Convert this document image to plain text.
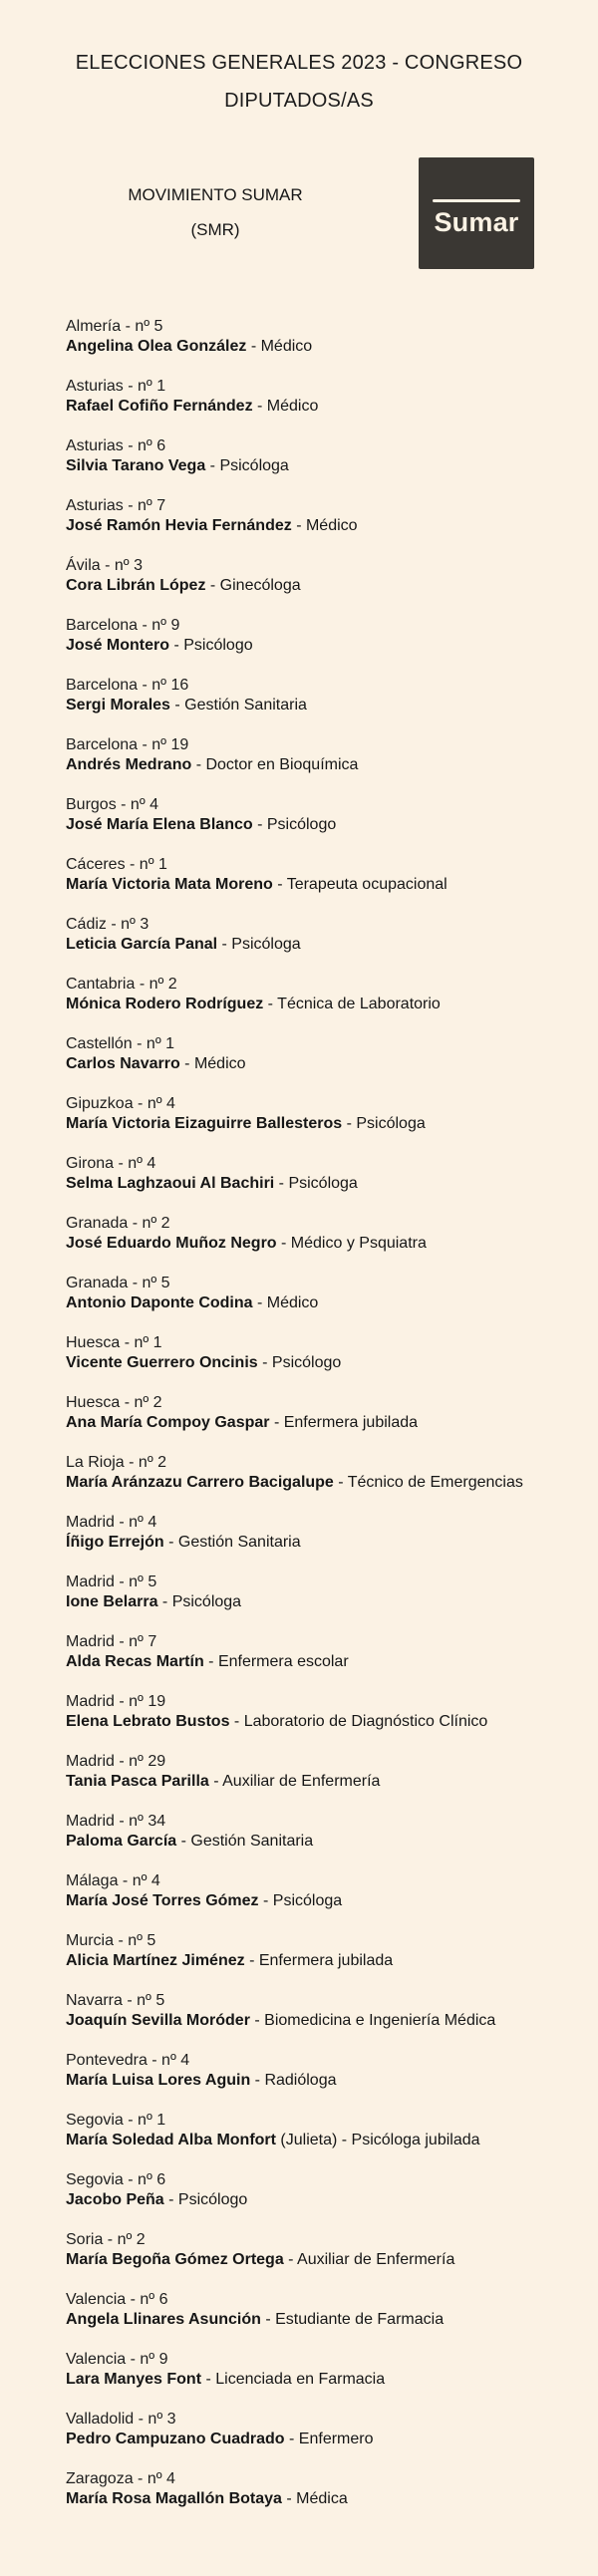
ELECCIONES GENERALES 2023 - CONGRESO
DIPUTADOS/AS
MOVIMIENTO SUMAR
(SMR)	Sumar
Almería - nº 5
Angelina Olea González - Médico
Asturias - nº 1
Rafael Cofiño Fernández - Médico
Asturias - nº 6
Silvia Tarano Vega - Psicóloga
Asturias - nº 7
José Ramón Hevia Fernández - Médico
Ávila - nº 3
Cora Librán López - Ginecóloga
Barcelona - nº 9
José Montero - Psicólogo
Barcelona - nº 16
Sergi Morales - Gestión Sanitaria
Barcelona - nº 19
Andrés Medrano - Doctor en Bioquímica
Burgos - nº 4
José María Elena Blanco - Psicólogo
Cáceres - nº 1
María Victoria Mata Moreno - Terapeuta ocupacional
Cádiz - nº 3
Leticia García Panal - Psicóloga
Cantabria - nº 2
Mónica Rodero Rodríguez - Técnica de Laboratorio
Castellón - nº 1
Carlos Navarro - Médico
Gipuzkoa - nº 4
María Victoria Eizaguirre Ballesteros - Psicóloga
Girona - nº 4
Selma Laghzaoui Al Bachiri - Psicóloga
Granada - nº 2
José Eduardo Muñoz Negro - Médico y Psquiatra
Granada - nº 5
Antonio Daponte Codina - Médico
Huesca - nº 1
Vicente Guerrero Oncinis - Psicólogo
Huesca - nº 2
Ana María Compoy Gaspar - Enfermera jubilada
La Rioja - nº 2
María Aránzazu Carrero Bacigalupe - Técnico de Emergencias
Madrid - nº 4
Íñigo Errejón - Gestión Sanitaria
Madrid - nº 5
Ione Belarra - Psicóloga
Madrid - nº 7
Alda Recas Martín - Enfermera escolar
Madrid - nº 19
Elena Lebrato Bustos - Laboratorio de Diagnóstico Clínico
Madrid - nº 29
Tania Pasca Parilla - Auxiliar de Enfermería
Madrid - nº 34
Paloma García - Gestión Sanitaria
Málaga - nº 4
María José Torres Gómez - Psicóloga
Murcia - nº 5
Alicia Martínez Jiménez - Enfermera jubilada
Navarra - nº 5
Joaquín Sevilla Moróder - Biomedicina e Ingeniería Médica
Pontevedra - nº 4
María Luisa Lores Aguin - Radióloga
Segovia - nº 1
María Soledad Alba Monfort (Julieta) - Psicóloga jubilada
Segovia - nº 6
Jacobo Peña - Psicólogo
Soria - nº 2
María Begoña Gómez Ortega - Auxiliar de Enfermería
Valencia - nº 6
Angela Llinares Asunción - Estudiante de Farmacia
Valencia - nº 9
Lara Manyes Font - Licenciada en Farmacia
Valladolid - nº 3
Pedro Campuzano Cuadrado - Enfermero
Zaragoza - nº 4
María Rosa Magallón Botaya - Médica
